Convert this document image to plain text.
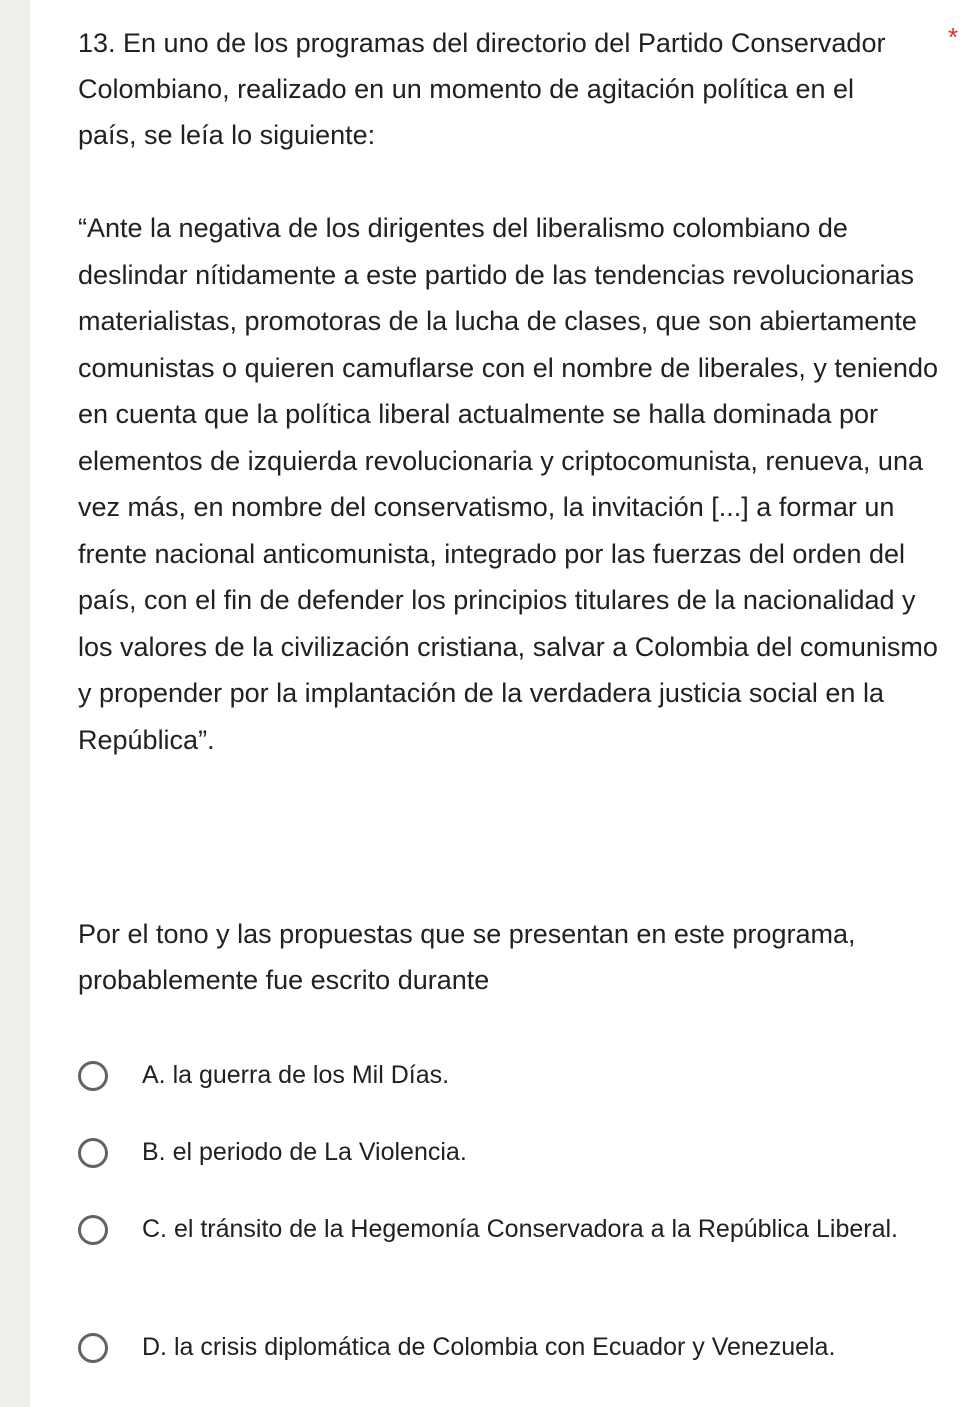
13. En uno de los programas del directorio del Partido Conservador Colombiano, realizado en un momento de agitación política en el país, se leía lo siguiente:

*

“Ante la negativa de los dirigentes del liberalismo colombiano de deslindar nítidamente a este partido de las tendencias revolucionarias materialistas, promotoras de la lucha de clases, que son abiertamente comunistas o quieren camuflarse con el nombre de liberales, y teniendo en cuenta que la política liberal actualmente se halla dominada por elementos de izquierda revolucionaria y criptocomunista, renueva, una vez más, en nombre del conservatismo, la invitación [...] a formar un frente nacional anticomunista, integrado por las fuerzas del orden del país, con el fin de defender los principios titulares de la nacionalidad y los valores de la civilización cristiana, salvar a Colombia del comunismo y propender por la implantación de la verdadera justicia social en la República”.

Por el tono y las propuestas que se presentan en este programa, probablemente fue escrito durante

A. la guerra de los Mil Días.
B. el periodo de La Violencia.
C. el tránsito de la Hegemonía Conservadora a la República Liberal.
D. la crisis diplomática de Colombia con Ecuador y Venezuela.
